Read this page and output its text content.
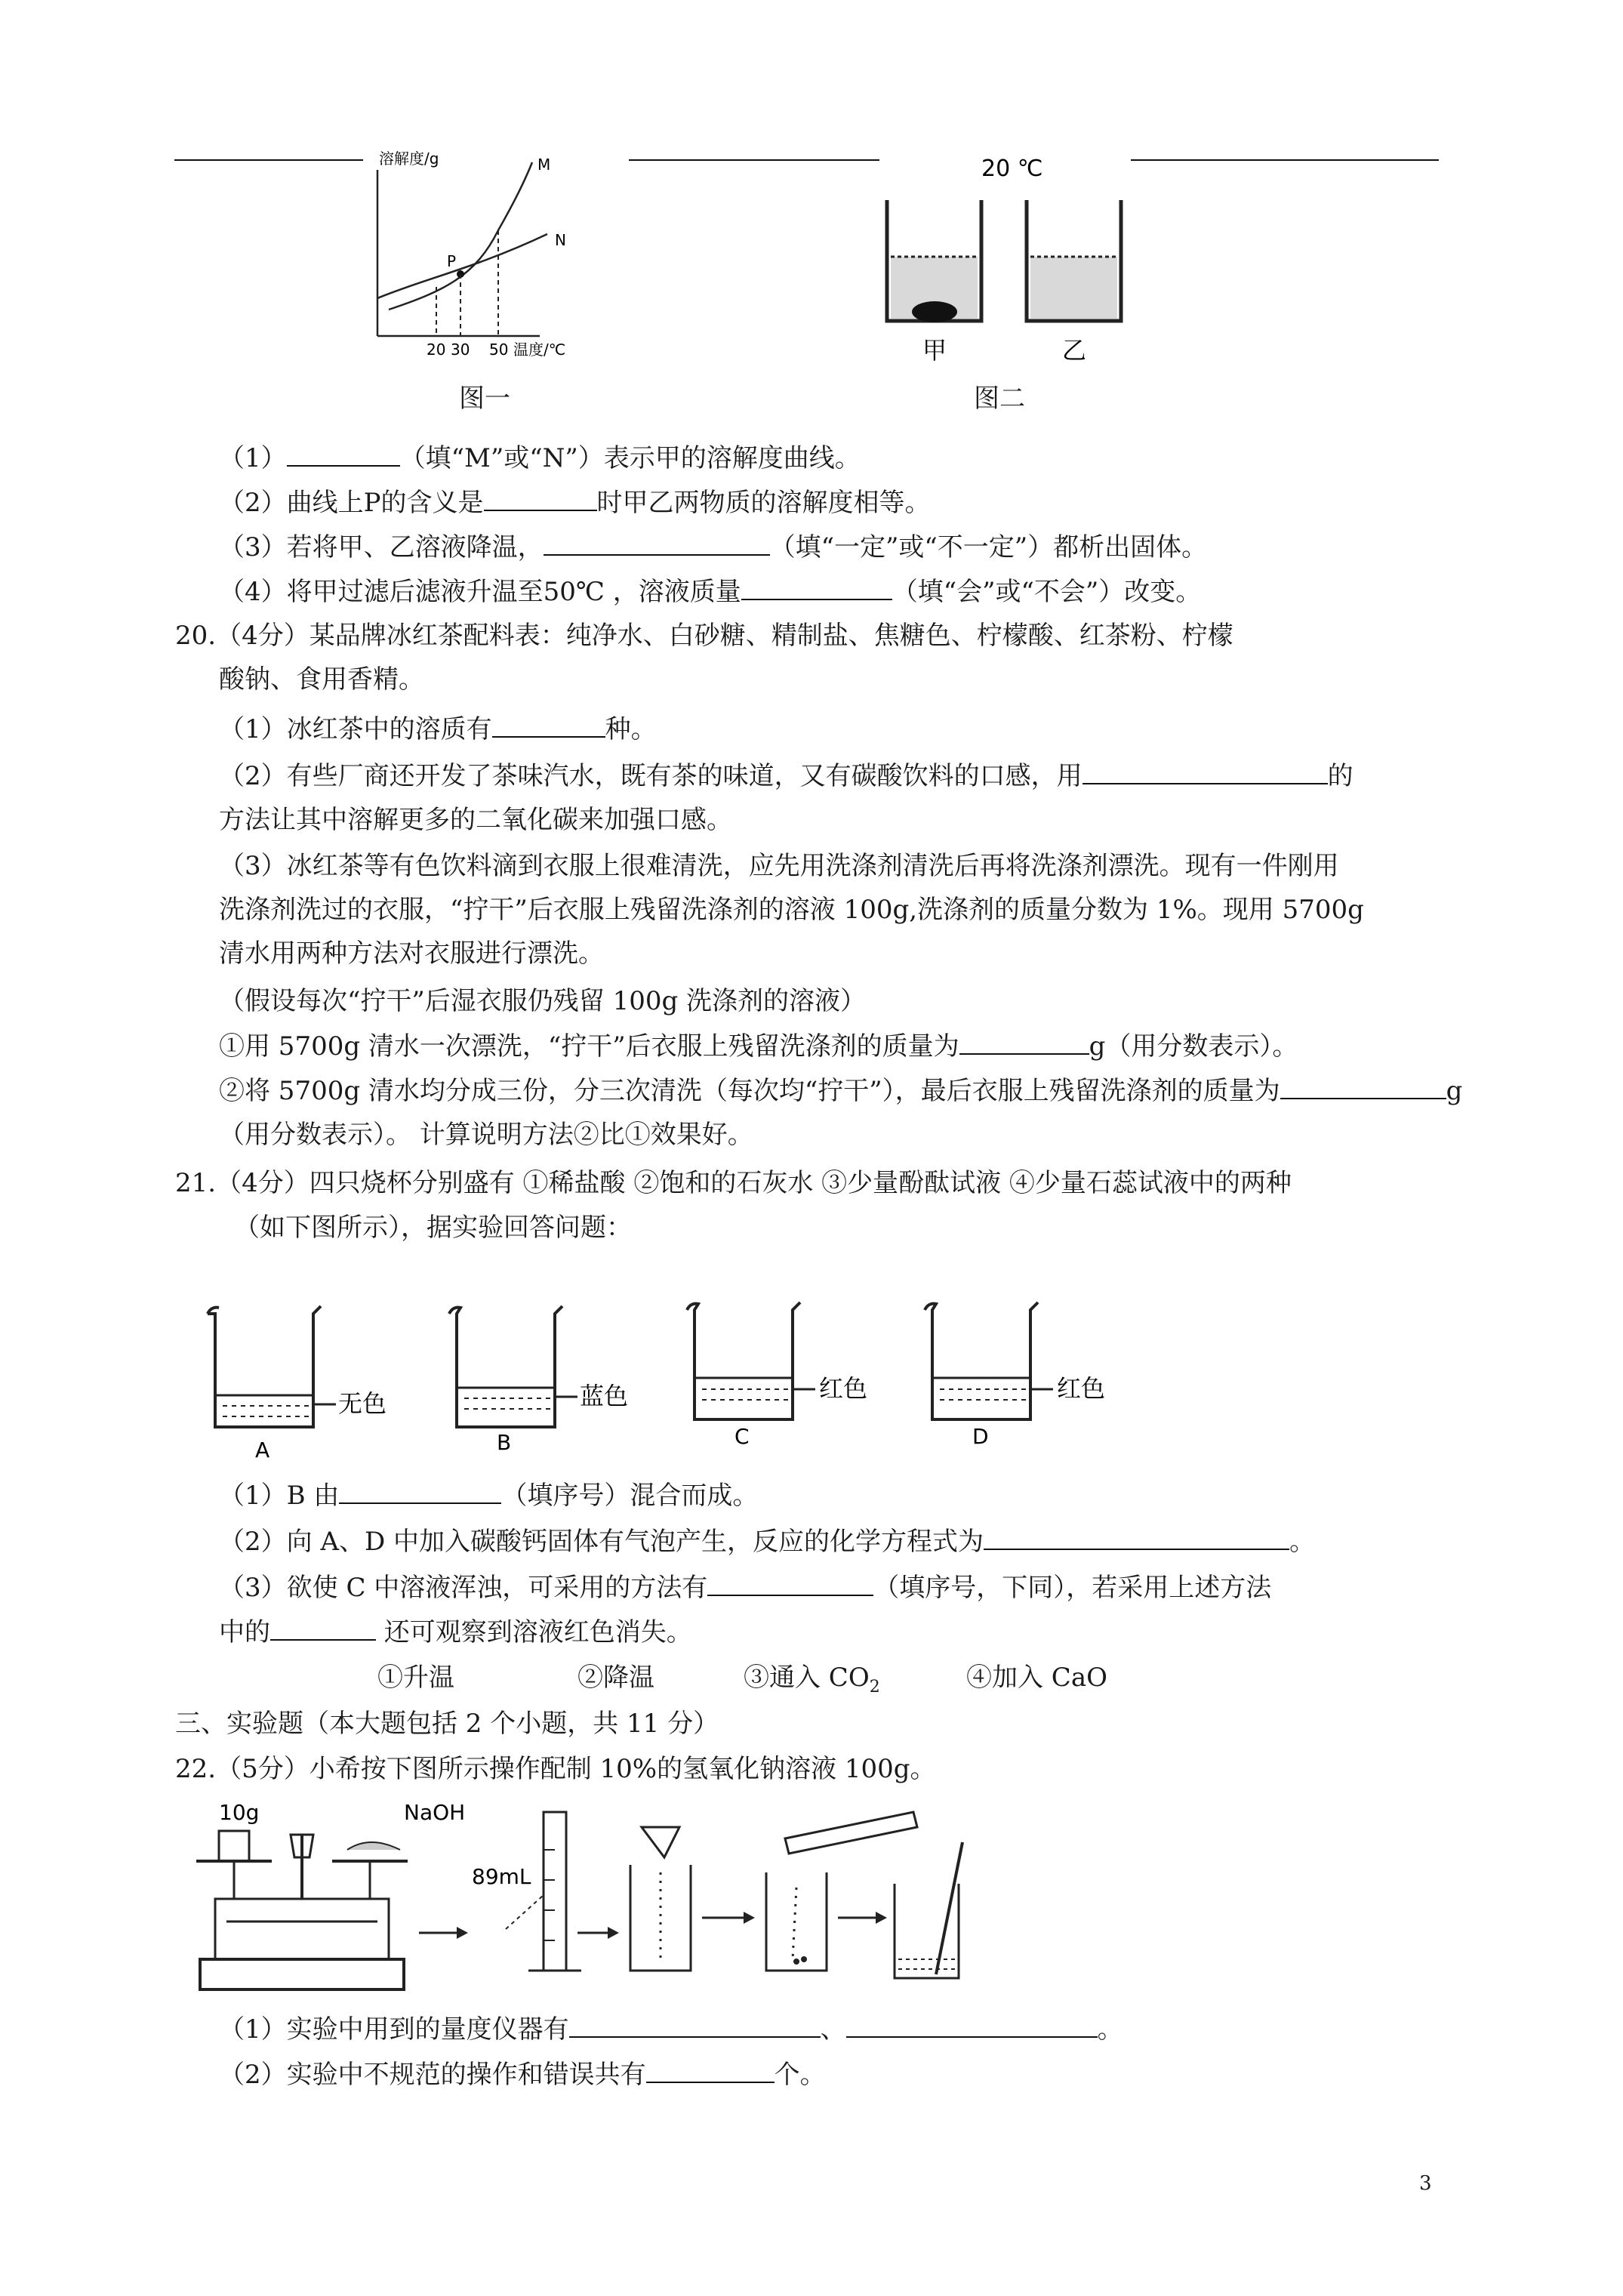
溶解度/g	M
N
P
20 30 50 温度/℃
图一
20 ℃
甲	乙
图二
（1）	（填“M”或“N”）表示甲的溶解度曲线。
（2）曲线上P的含义是	时甲乙两物质的溶解度相等。
（3）若将甲、乙溶液降温，	（填“一定”或“不一定”）都析出固体。
（4）将甲过滤后滤液升温至50℃ ，溶液质量	（填“会”或“不会”）改变。
20.（4分）某品牌冰红茶配料表：纯净水、白砂糖、精制盐、焦糖色、柠檬酸、红茶粉、柠檬
酸钠、食用香精。
（1）冰红茶中的溶质有	种。
（2）有些厂商还开发了茶味汽水，既有茶的味道，又有碳酸饮料的口感，用	的
方法让其中溶解更多的二氧化碳来加强口感。
（3）冰红茶等有色饮料滴到衣服上很难清洗，应先用洗涤剂清洗后再将洗涤剂漂洗。现有一件刚用
洗涤剂洗过的衣服，“拧干”后衣服上残留洗涤剂的溶液 100g,洗涤剂的质量分数为 1%。现用 5700g
清水用两种方法对衣服进行漂洗。
（假设每次“拧干”后湿衣服仍残留 100g 洗涤剂的溶液）
①用 5700g 清水一次漂洗，“拧干”后衣服上残留洗涤剂的质量为	g（用分数表示）。
②将 5700g 清水均分成三份，分三次清洗（每次均“拧干”），最后衣服上残留洗涤剂的质量为	g
（用分数表示）。 计算说明方法②比①效果好。
21.（4分）四只烧杯分别盛有 ①稀盐酸 ②饱和的石灰水 ③少量酚酞试液 ④少量石蕊试液中的两种
（如下图所示），据实验回答问题：
无色
A
蓝色
B
红色
C
红色
D
（1）B 由	（填序号）混合而成。
（2）向 A、D 中加入碳酸钙固体有气泡产生，反应的化学方程式为	。
（3）欲使 C 中溶液浑浊，可采用的方法有	（填序号，下同），若采用上述方法
中的	还可观察到溶液红色消失。
①升温	②降温	③通入 $CO_2$	④加入 CaO
三、实验题（本大题包括 2 个小题，共 11 分）
22.（5分）小希按下图所示操作配制 10%的氢氧化钠溶液 100g。
10g	NaOH
89mL
（1）实验中用到的量度仪器有	、	。
（2）实验中不规范的操作和错误共有	个。
3
